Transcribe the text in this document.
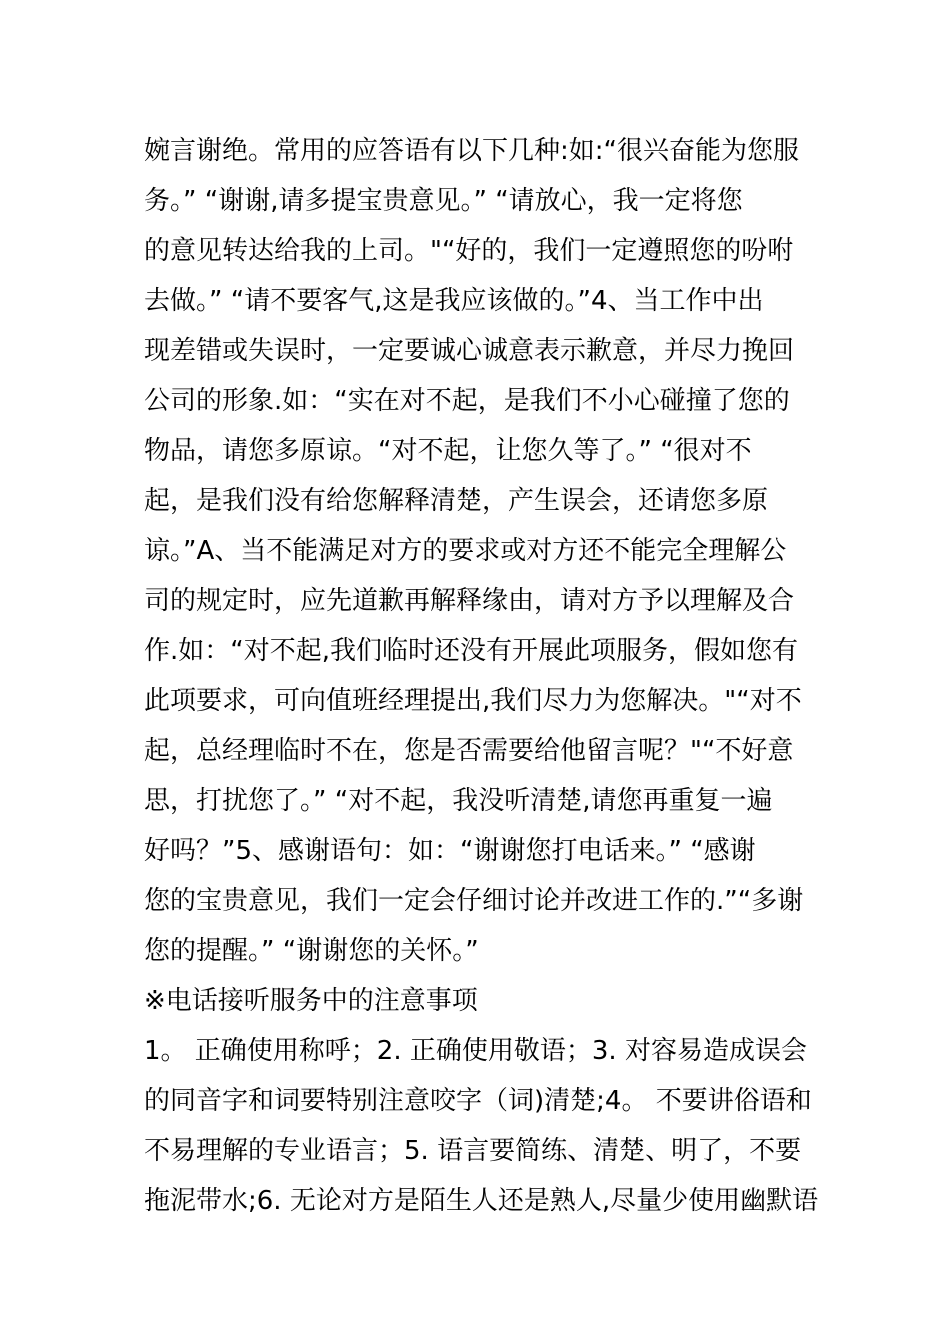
婉言谢绝。常用的应答语有以下几种:如:“很兴奋能为您服
务。” “谢谢,请多提宝贵意见。” “请放心，我一定将您
的意见转达给我的上司。"“好的，我们一定遵照您的吩咐
去做。” “请不要客气,这是我应该做的。”4、当工作中出
现差错或失误时，一定要诚心诚意表示歉意，并尽力挽回
公司的形象.如：“实在对不起，是我们不小心碰撞了您的
物品，请您多原谅。“对不起，让您久等了。” “很对不
起，是我们没有给您解释清楚，产生误会，还请您多原
谅。”A、当不能满足对方的要求或对方还不能完全理解公
司的规定时，应先道歉再解释缘由，请对方予以理解及合
作.如：“对不起,我们临时还没有开展此项服务，假如您有
此项要求，可向值班经理提出,我们尽力为您解决。"“对不
起，总经理临时不在，您是否需要给他留言呢？"“不好意
思，打扰您了。” “对不起，我没听清楚,请您再重复一遍
好吗？”5、感谢语句：如：“谢谢您打电话来。” “感谢
您的宝贵意见，我们一定会仔细讨论并改进工作的.”“多谢
您的提醒。” “谢谢您的关怀。”
※电话接听服务中的注意事项
1。 正确使用称呼；2. 正确使用敬语；3. 对容易造成误会
的同音字和词要特别注意咬字（词)清楚;4。 不要讲俗语和
不易理解的专业语言；5. 语言要简练、清楚、明了，不要
拖泥带水;6. 无论对方是陌生人还是熟人,尽量少使用幽默语
